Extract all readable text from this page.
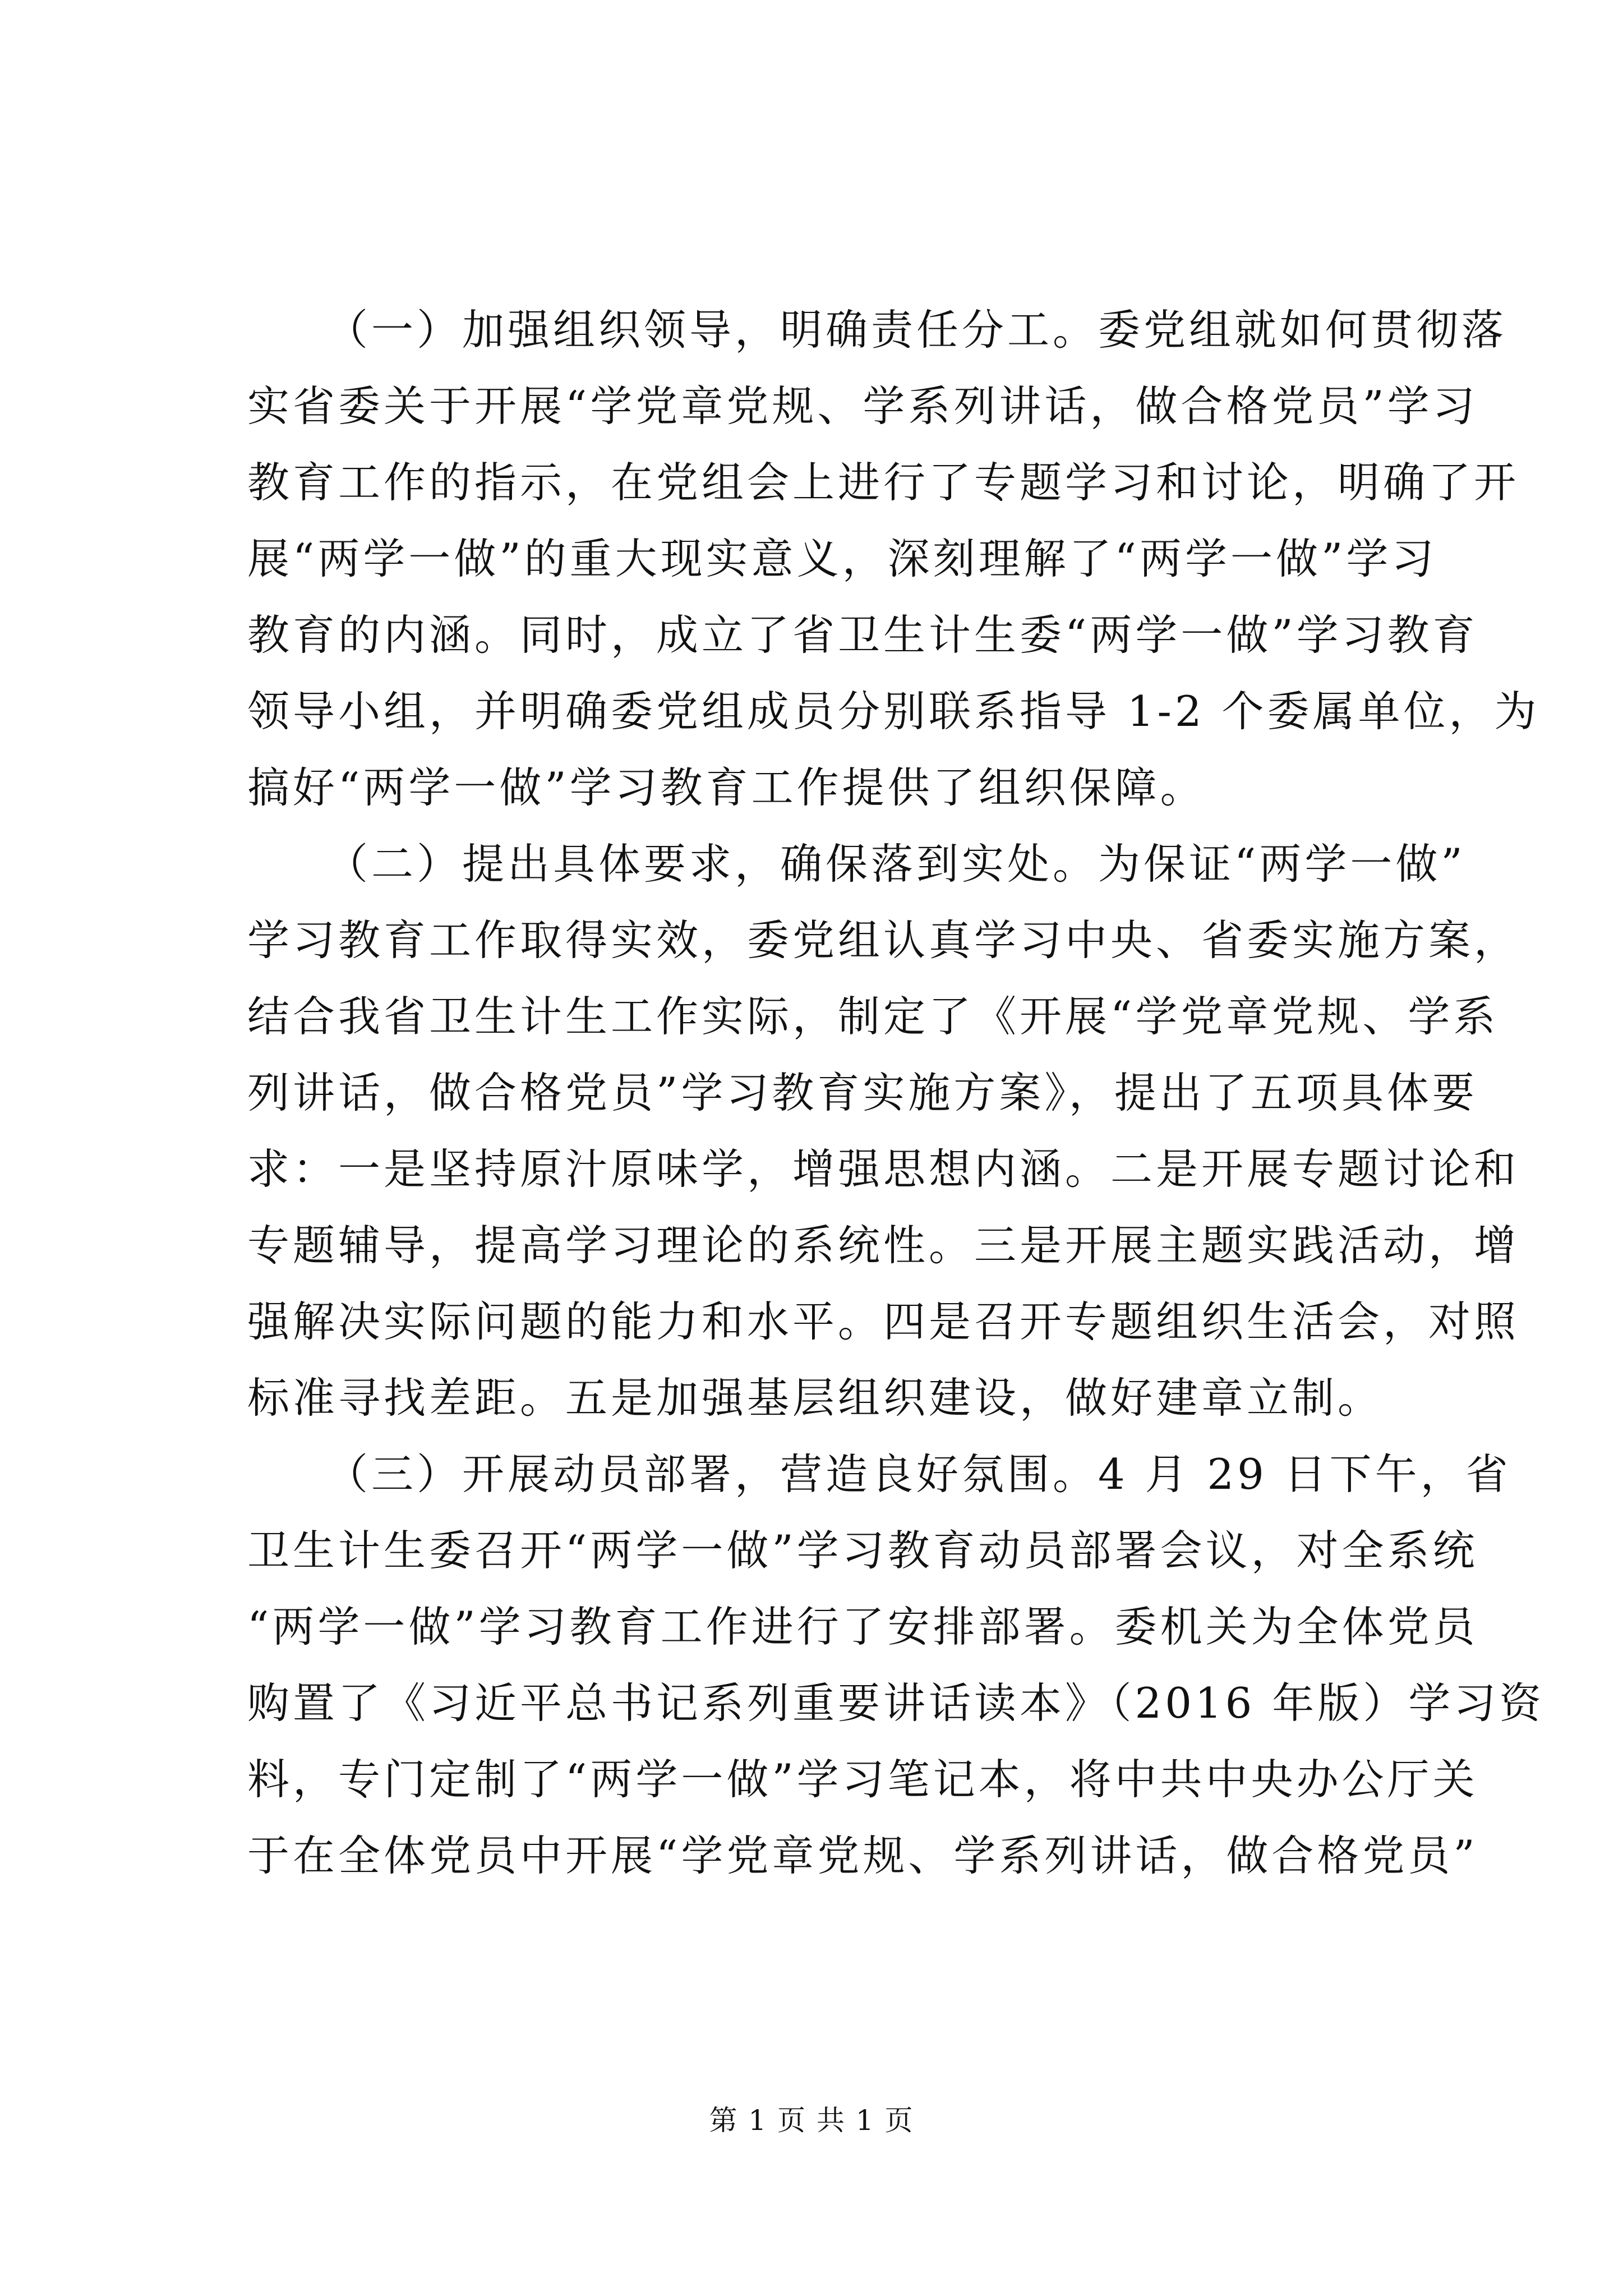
（一）加强组织领导，明确责任分工。委党组就如何贯彻落
实省委关于开展“学党章党规、学系列讲话，做合格党员”学习
教育工作的指示，在党组会上进行了专题学习和讨论，明确了开
展“两学一做”的重大现实意义，深刻理解了“两学一做”学习
教育的内涵。同时，成立了省卫生计生委“两学一做”学习教育
领导小组，并明确委党组成员分别联系指导 1-2 个委属单位，为
搞好“两学一做”学习教育工作提供了组织保障。
（二）提出具体要求，确保落到实处。为保证“两学一做”
学习教育工作取得实效，委党组认真学习中央、省委实施方案，
结合我省卫生计生工作实际，制定了《开展“学党章党规、学系
列讲话，做合格党员”学习教育实施方案》，提出了五项具体要
求：一是坚持原汁原味学，增强思想内涵。二是开展专题讨论和
专题辅导，提高学习理论的系统性。三是开展主题实践活动，增
强解决实际问题的能力和水平。四是召开专题组织生活会，对照
标准寻找差距。五是加强基层组织建设，做好建章立制。
（三）开展动员部署，营造良好氛围。4 月 29 日下午，省
卫生计生委召开“两学一做”学习教育动员部署会议，对全系统
“两学一做”学习教育工作进行了安排部署。委机关为全体党员
购置了《习近平总书记系列重要讲话读本》（2016 年版）学习资
料，专门定制了“两学一做”学习笔记本，将中共中央办公厅关
于在全体党员中开展“学党章党规、学系列讲话，做合格党员”
第 1 页 共 1 页
